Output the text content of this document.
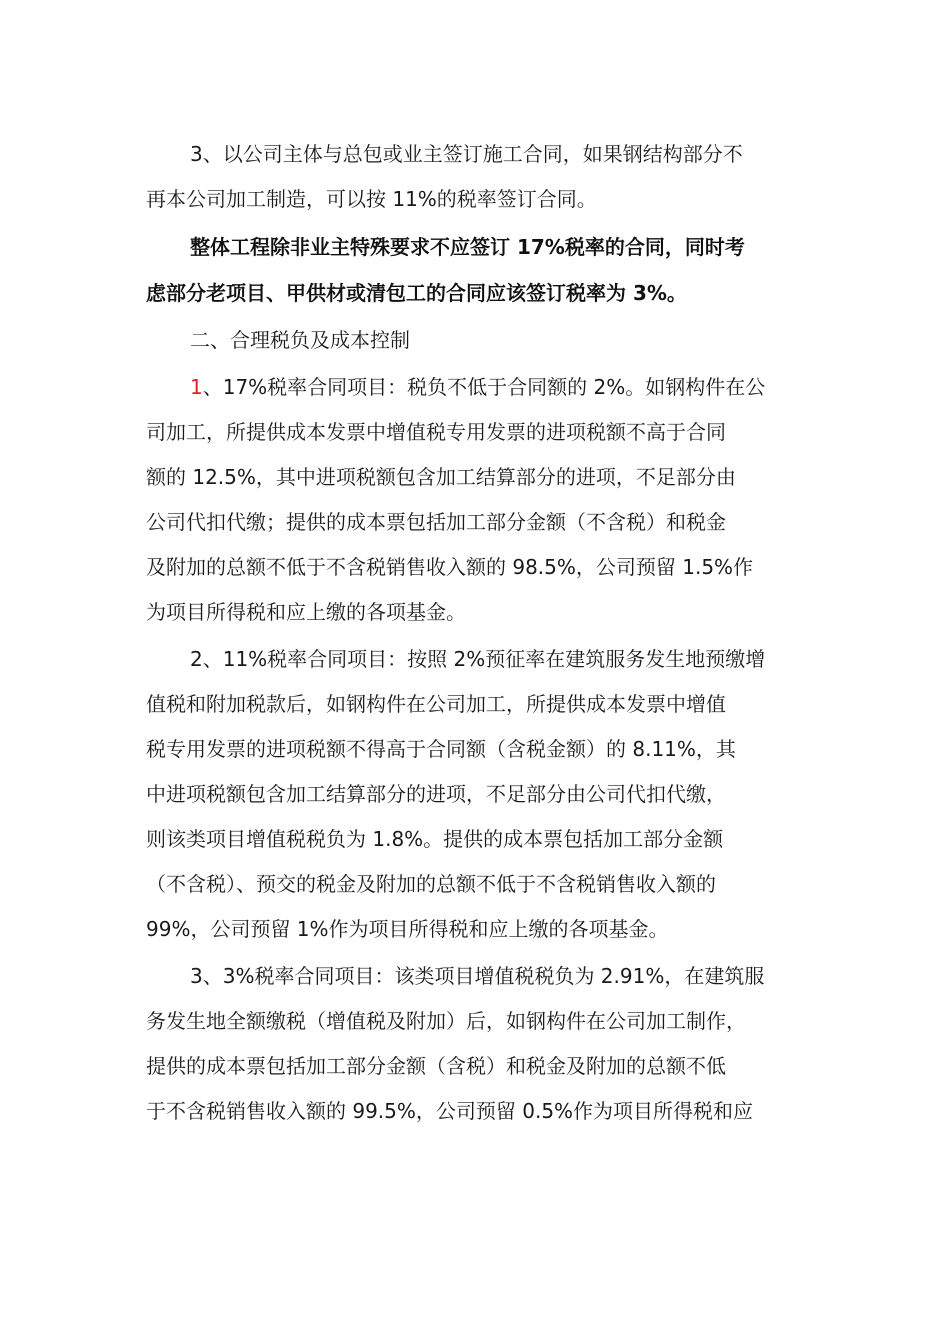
3、以公司主体与总包或业主签订施工合同，如果钢结构部分不
再本公司加工制造，可以按 11%的税率签订合同。

整体工程除非业主特殊要求不应签订 17%税率的合同，同时考
虑部分老项目、甲供材或清包工的合同应该签订税率为 3%。

二、合理税负及成本控制

1、17%税率合同项目：税负不低于合同额的 2%。如钢构件在公
司加工，所提供成本发票中增值税专用发票的进项税额不高于合同
额的 12.5%，其中进项税额包含加工结算部分的进项，不足部分由
公司代扣代缴；提供的成本票包括加工部分金额（不含税）和税金
及附加的总额不低于不含税销售收入额的 98.5%，公司预留 1.5%作
为项目所得税和应上缴的各项基金。

2、11%税率合同项目：按照 2%预征率在建筑服务发生地预缴增
值税和附加税款后，如钢构件在公司加工，所提供成本发票中增值
税专用发票的进项税额不得高于合同额（含税金额）的 8.11%，其
中进项税额包含加工结算部分的进项，不足部分由公司代扣代缴，
则该类项目增值税税负为 1.8%。提供的成本票包括加工部分金额
（不含税）、预交的税金及附加的总额不低于不含税销售收入额的
99%，公司预留 1%作为项目所得税和应上缴的各项基金。

3、3%税率合同项目：该类项目增值税税负为 2.91%，在建筑服
务发生地全额缴税（增值税及附加）后，如钢构件在公司加工制作，
提供的成本票包括加工部分金额（含税）和税金及附加的总额不低
于不含税销售收入额的 99.5%，公司预留 0.5%作为项目所得税和应
